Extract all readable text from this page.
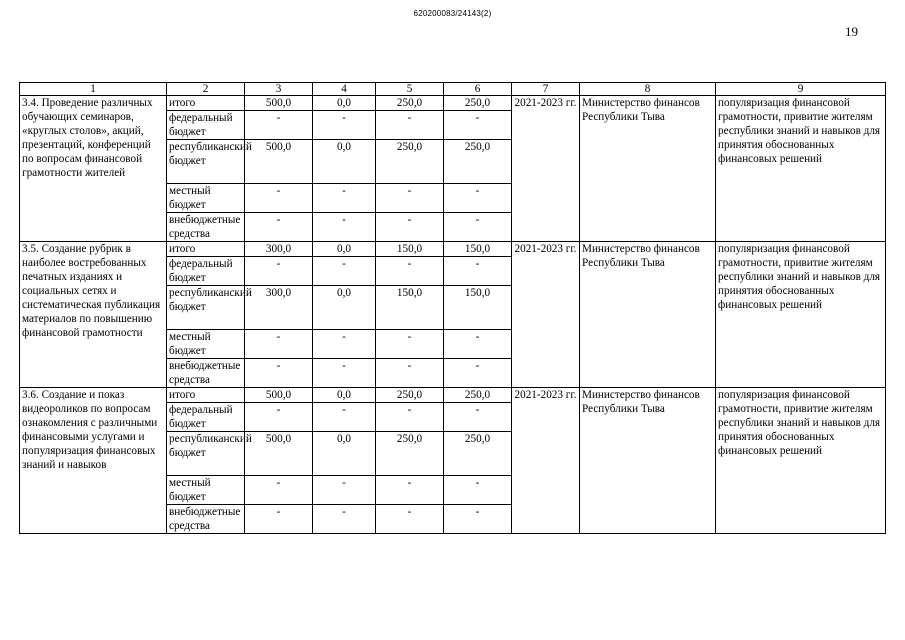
620200083/24143(2)
19
1	2	3	4	5	6	7	8	9
3.4. Проведение различных обучающих семинаров, «круглых столов», акций, презентаций, конференций по вопросам финансовой грамотности жителей	итого	500,0	0,0	250,0	250,0	2021-2023 гг.	Министерство финансов Республики Тыва	популяризация финансовой грамотности, привитие жителям республики знаний и навыков для принятия обоснованных финансовых решений
	федеральный бюджет	-	-	-	-			
	республиканский бюджет	500,0	0,0	250,0	250,0			
	местный бюджет	-	-	-	-			
	внебюджетные средства	-	-	-	-			
3.5. Создание рубрик в наиболее востребованных печатных изданиях и социальных сетях и систематическая публикация материалов по повышению финансовой грамотности	итого	300,0	0,0	150,0	150,0	2021-2023 гг.	Министерство финансов Республики Тыва	популяризация финансовой грамотности, привитие жителям республики знаний и навыков для принятия обоснованных финансовых решений
	федеральный бюджет	-	-	-	-			
	республиканский бюджет	300,0	0,0	150,0	150,0			
	местный бюджет	-	-	-	-			
	внебюджетные средства	-	-	-	-			
3.6. Создание и показ видеороликов по вопросам ознакомления с различными финансовыми услугами и популяризация финансовых знаний и навыков	итого	500,0	0,0	250,0	250,0	2021-2023 гг.	Министерство финансов Республики Тыва	популяризация финансовой грамотности, привитие жителям республики знаний и навыков для принятия обоснованных финансовых решений
	федеральный бюджет	-	-	-	-			
	республиканский бюджет	500,0	0,0	250,0	250,0			
	местный бюджет	-	-	-	-			
	внебюджетные средства	-	-	-	-			
